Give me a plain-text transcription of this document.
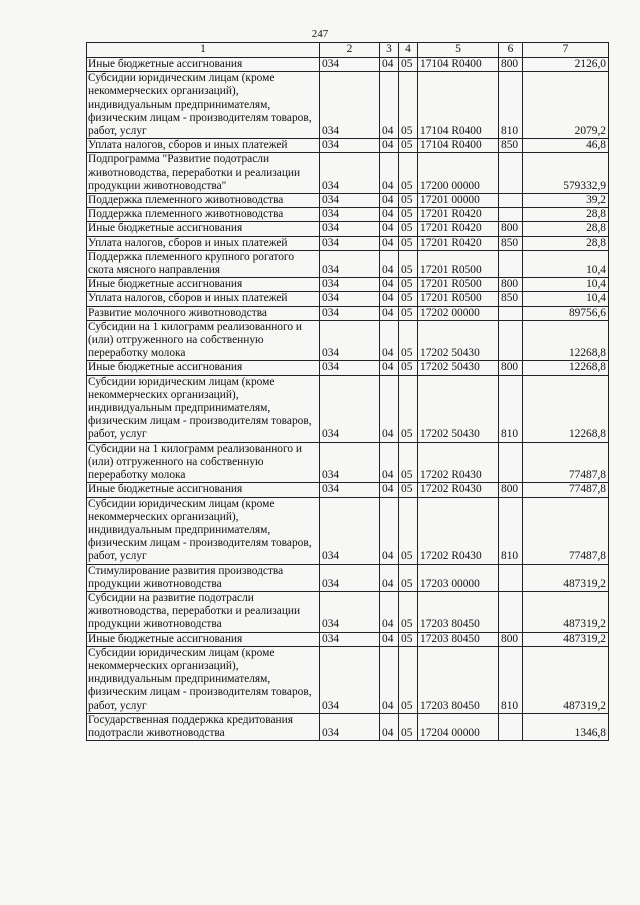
247
1	2	3	4	5	6	7
Иные бюджетные ассигнования	034	04	05	17104 R0400	800	2126,0
Субсидии юридическим лицам (кроме некоммерческих организаций), индивидуальным предпринимателям, физическим лицам - производителям товаров, работ, услуг	034	04	05	17104 R0400	810	2079,2
Уплата налогов, сборов и иных платежей	034	04	05	17104 R0400	850	46,8
Подпрограмма "Развитие подотрасли животноводства, переработки и реализации продукции животноводства"	034	04	05	17200 00000		579332,9
Поддержка племенного животноводства	034	04	05	17201 00000		39,2
Поддержка племенного животноводства	034	04	05	17201 R0420		28,8
Иные бюджетные ассигнования	034	04	05	17201 R0420	800	28,8
Уплата налогов, сборов и иных платежей	034	04	05	17201 R0420	850	28,8
Поддержка племенного крупного рогатого скота мясного направления	034	04	05	17201 R0500		10,4
Иные бюджетные ассигнования	034	04	05	17201 R0500	800	10,4
Уплата налогов, сборов и иных платежей	034	04	05	17201 R0500	850	10,4
Развитие молочного животноводства	034	04	05	17202 00000		89756,6
Субсидии на 1 килограмм реализованного и (или) отгруженного на собственную переработку молока	034	04	05	17202 50430		12268,8
Иные бюджетные ассигнования	034	04	05	17202 50430	800	12268,8
Субсидии юридическим лицам (кроме некоммерческих организаций), индивидуальным предпринимателям, физическим лицам - производителям товаров, работ, услуг	034	04	05	17202 50430	810	12268,8
Субсидии на 1 килограмм реализованного и (или) отгруженного на собственную переработку молока	034	04	05	17202 R0430		77487,8
Иные бюджетные ассигнования	034	04	05	17202 R0430	800	77487,8
Субсидии юридическим лицам (кроме некоммерческих организаций), индивидуальным предпринимателям, физическим лицам - производителям товаров, работ, услуг	034	04	05	17202 R0430	810	77487,8
Стимулирование развития производства продукции животноводства	034	04	05	17203 00000		487319,2
Субсидии на развитие подотрасли животноводства, переработки и реализации продукции животноводства	034	04	05	17203 80450		487319,2
Иные бюджетные ассигнования	034	04	05	17203 80450	800	487319,2
Субсидии юридическим лицам (кроме некоммерческих организаций), индивидуальным предпринимателям, физическим лицам - производителям товаров, работ, услуг	034	04	05	17203 80450	810	487319,2
Государственная поддержка кредитования подотрасли животноводства	034	04	05	17204 00000		1346,8
